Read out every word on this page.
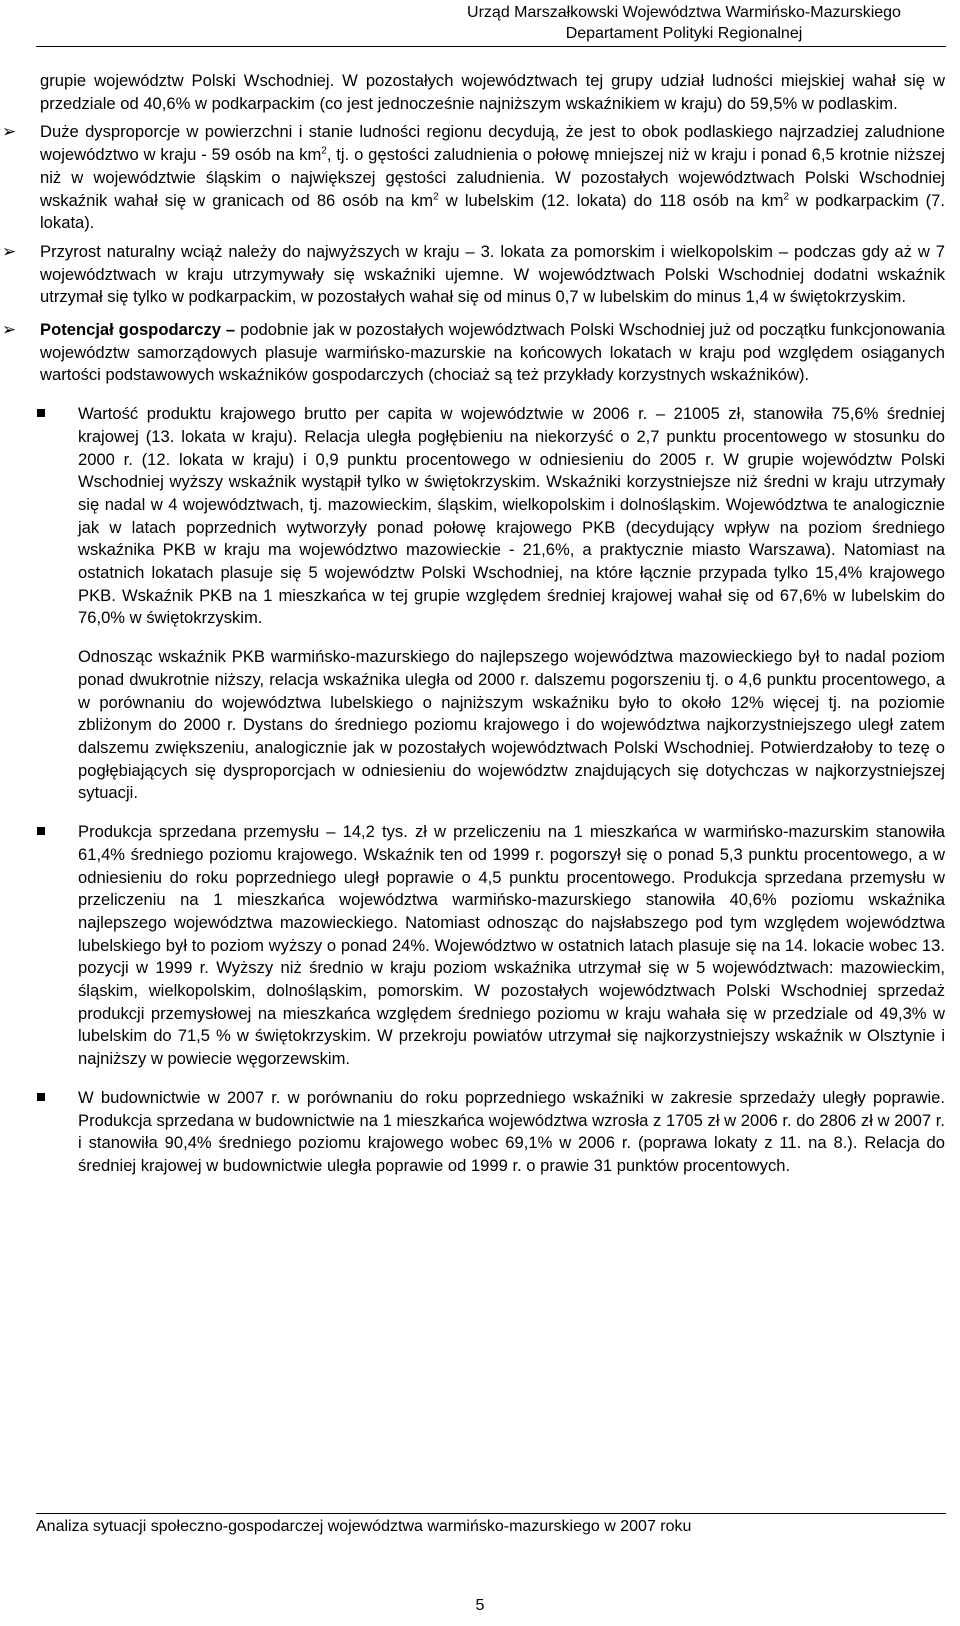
Urząd Marszałkowski Województwa Warmińsko-Mazurskiego
Departament Polityki Regionalnej

grupie województw Polski Wschodniej. W pozostałych województwach tej grupy udział ludności miejskiej wahał się w przedziale od 40,6% w podkarpackim (co jest jednocześnie najniższym wskaźnikiem w kraju) do 59,5% w podlaskim.

➢ Duże dysproporcje w powierzchni i stanie ludności regionu decydują, że jest to obok podlaskiego najrzadziej zaludnione województwo w kraju - 59 osób na $km^2$, tj. o gęstości zaludnienia o połowę mniejszej niż w kraju i ponad 6,5 krotnie niższej niż w województwie śląskim o największej gęstości zaludnienia. W pozostałych województwach Polski Wschodniej wskaźnik wahał się w granicach od 86 osób na $km^2$ w lubelskim (12. lokata) do 118 osób na $km^2$ w podkarpackim (7. lokata).

➢ Przyrost naturalny wciąż należy do najwyższych w kraju – 3. lokata za pomorskim i wielkopolskim – podczas gdy aż w 7 województwach w kraju utrzymywały się wskaźniki ujemne. W województwach Polski Wschodniej dodatni wskaźnik utrzymał się tylko w podkarpackim, w pozostałych wahał się od minus 0,7 w lubelskim do minus 1,4 w świętokrzyskim.

➢ Potencjał gospodarczy – podobnie jak w pozostałych województwach Polski Wschodniej już od początku funkcjonowania województw samorządowych plasuje warmińsko-mazurskie na końcowych lokatach w kraju pod względem osiąganych wartości podstawowych wskaźników gospodarczych (chociaż są też przykłady korzystnych wskaźników).

Wartość produktu krajowego brutto per capita w województwie w 2006 r. – 21005 zł, stanowiła 75,6% średniej krajowej (13. lokata w kraju). Relacja uległa pogłębieniu na niekorzyść o 2,7 punktu procentowego w stosunku do 2000 r. (12. lokata w kraju) i 0,9 punktu procentowego w odniesieniu do 2005 r. W grupie województw Polski Wschodniej wyższy wskaźnik wystąpił tylko w świętokrzyskim. Wskaźniki korzystniejsze niż średni w kraju utrzymały się nadal w 4 województwach, tj. mazowieckim, śląskim, wielkopolskim i dolnośląskim. Województwa te analogicznie jak w latach poprzednich wytworzyły ponad połowę krajowego PKB (decydujący wpływ na poziom średniego wskaźnika PKB w kraju ma województwo mazowieckie - 21,6%, a praktycznie miasto Warszawa). Natomiast na ostatnich lokatach plasuje się 5 województw Polski Wschodniej, na które łącznie przypada tylko 15,4% krajowego PKB. Wskaźnik PKB na 1 mieszkańca w tej grupie względem średniej krajowej wahał się od 67,6% w lubelskim do 76,0% w świętokrzyskim.

Odnosząc wskaźnik PKB warmińsko-mazurskiego do najlepszego województwa mazowieckiego był to nadal poziom ponad dwukrotnie niższy, relacja wskaźnika uległa od 2000 r. dalszemu pogorszeniu tj. o 4,6 punktu procentowego, a w porównaniu do województwa lubelskiego o najniższym wskaźniku było to około 12% więcej tj. na poziomie zbliżonym do 2000 r. Dystans do średniego poziomu krajowego i do województwa najkorzystniejszego uległ zatem dalszemu zwiększeniu, analogicznie jak w pozostałych województwach Polski Wschodniej. Potwierdzałoby to tezę o pogłębiających się dysproporcjach w odniesieniu do województw znajdujących się dotychczas w najkorzystniejszej sytuacji.

Produkcja sprzedana przemysłu – 14,2 tys. zł w przeliczeniu na 1 mieszkańca w warmińsko-mazurskim stanowiła 61,4% średniego poziomu krajowego. Wskaźnik ten od 1999 r. pogorszył się o ponad 5,3 punktu procentowego, a w odniesieniu do roku poprzedniego uległ poprawie o 4,5 punktu procentowego. Produkcja sprzedana przemysłu w przeliczeniu na 1 mieszkańca województwa warmińsko-mazurskiego stanowiła 40,6% poziomu wskaźnika najlepszego województwa mazowieckiego. Natomiast odnosząc do najsłabszego pod tym względem województwa lubelskiego był to poziom wyższy o ponad 24%. Województwo w ostatnich latach plasuje się na 14. lokacie wobec 13. pozycji w 1999 r. Wyższy niż średnio w kraju poziom wskaźnika utrzymał się w 5 województwach: mazowieckim, śląskim, wielkopolskim, dolnośląskim, pomorskim. W pozostałych województwach Polski Wschodniej sprzedaż produkcji przemysłowej na mieszkańca względem średniego poziomu w kraju wahała się w przedziale od 49,3% w lubelskim do 71,5 % w świętokrzyskim. W przekroju powiatów utrzymał się najkorzystniejszy wskaźnik w Olsztynie i najniższy w powiecie węgorzewskim.

W budownictwie w 2007 r. w porównaniu do roku poprzedniego wskaźniki w zakresie sprzedaży uległy poprawie. Produkcja sprzedana w budownictwie na 1 mieszkańca województwa wzrosła z 1705 zł w 2006 r. do 2806 zł w 2007 r. i stanowiła 90,4% średniego poziomu krajowego wobec 69,1% w 2006 r. (poprawa lokaty z 11. na 8.). Relacja do średniej krajowej w budownictwie uległa poprawie od 1999 r. o prawie 31 punktów procentowych.

Analiza sytuacji społeczno-gospodarczej województwa warmińsko-mazurskiego w 2007 roku
5
